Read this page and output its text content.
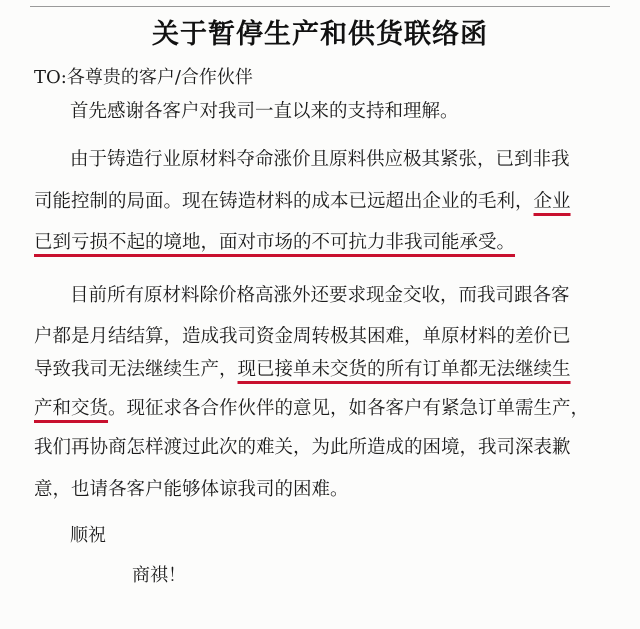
关于暂停生产和供货联络函
TO:各尊贵的客户/合作伙伴
首先感谢各客户对我司一直以来的支持和理解。
由于铸造行业原材料夺命涨价且原料供应极其紧张，已到非我
司能控制的局面。现在铸造材料的成本已远超出企业的毛利，企业
已到亏损不起的境地，面对市场的不可抗力非我司能承受。
目前所有原材料除价格高涨外还要求现金交收，而我司跟各客
户都是月结结算，造成我司资金周转极其困难，单原材料的差价已
导致我司无法继续生产，现已接单未交货的所有订单都无法继续生
产和交货。现征求各合作伙伴的意见，如各客户有紧急订单需生产，
我们再协商怎样渡过此次的难关，为此所造成的困境，我司深表歉
意，也请各客户能够体谅我司的困难。
顺祝
商祺！
